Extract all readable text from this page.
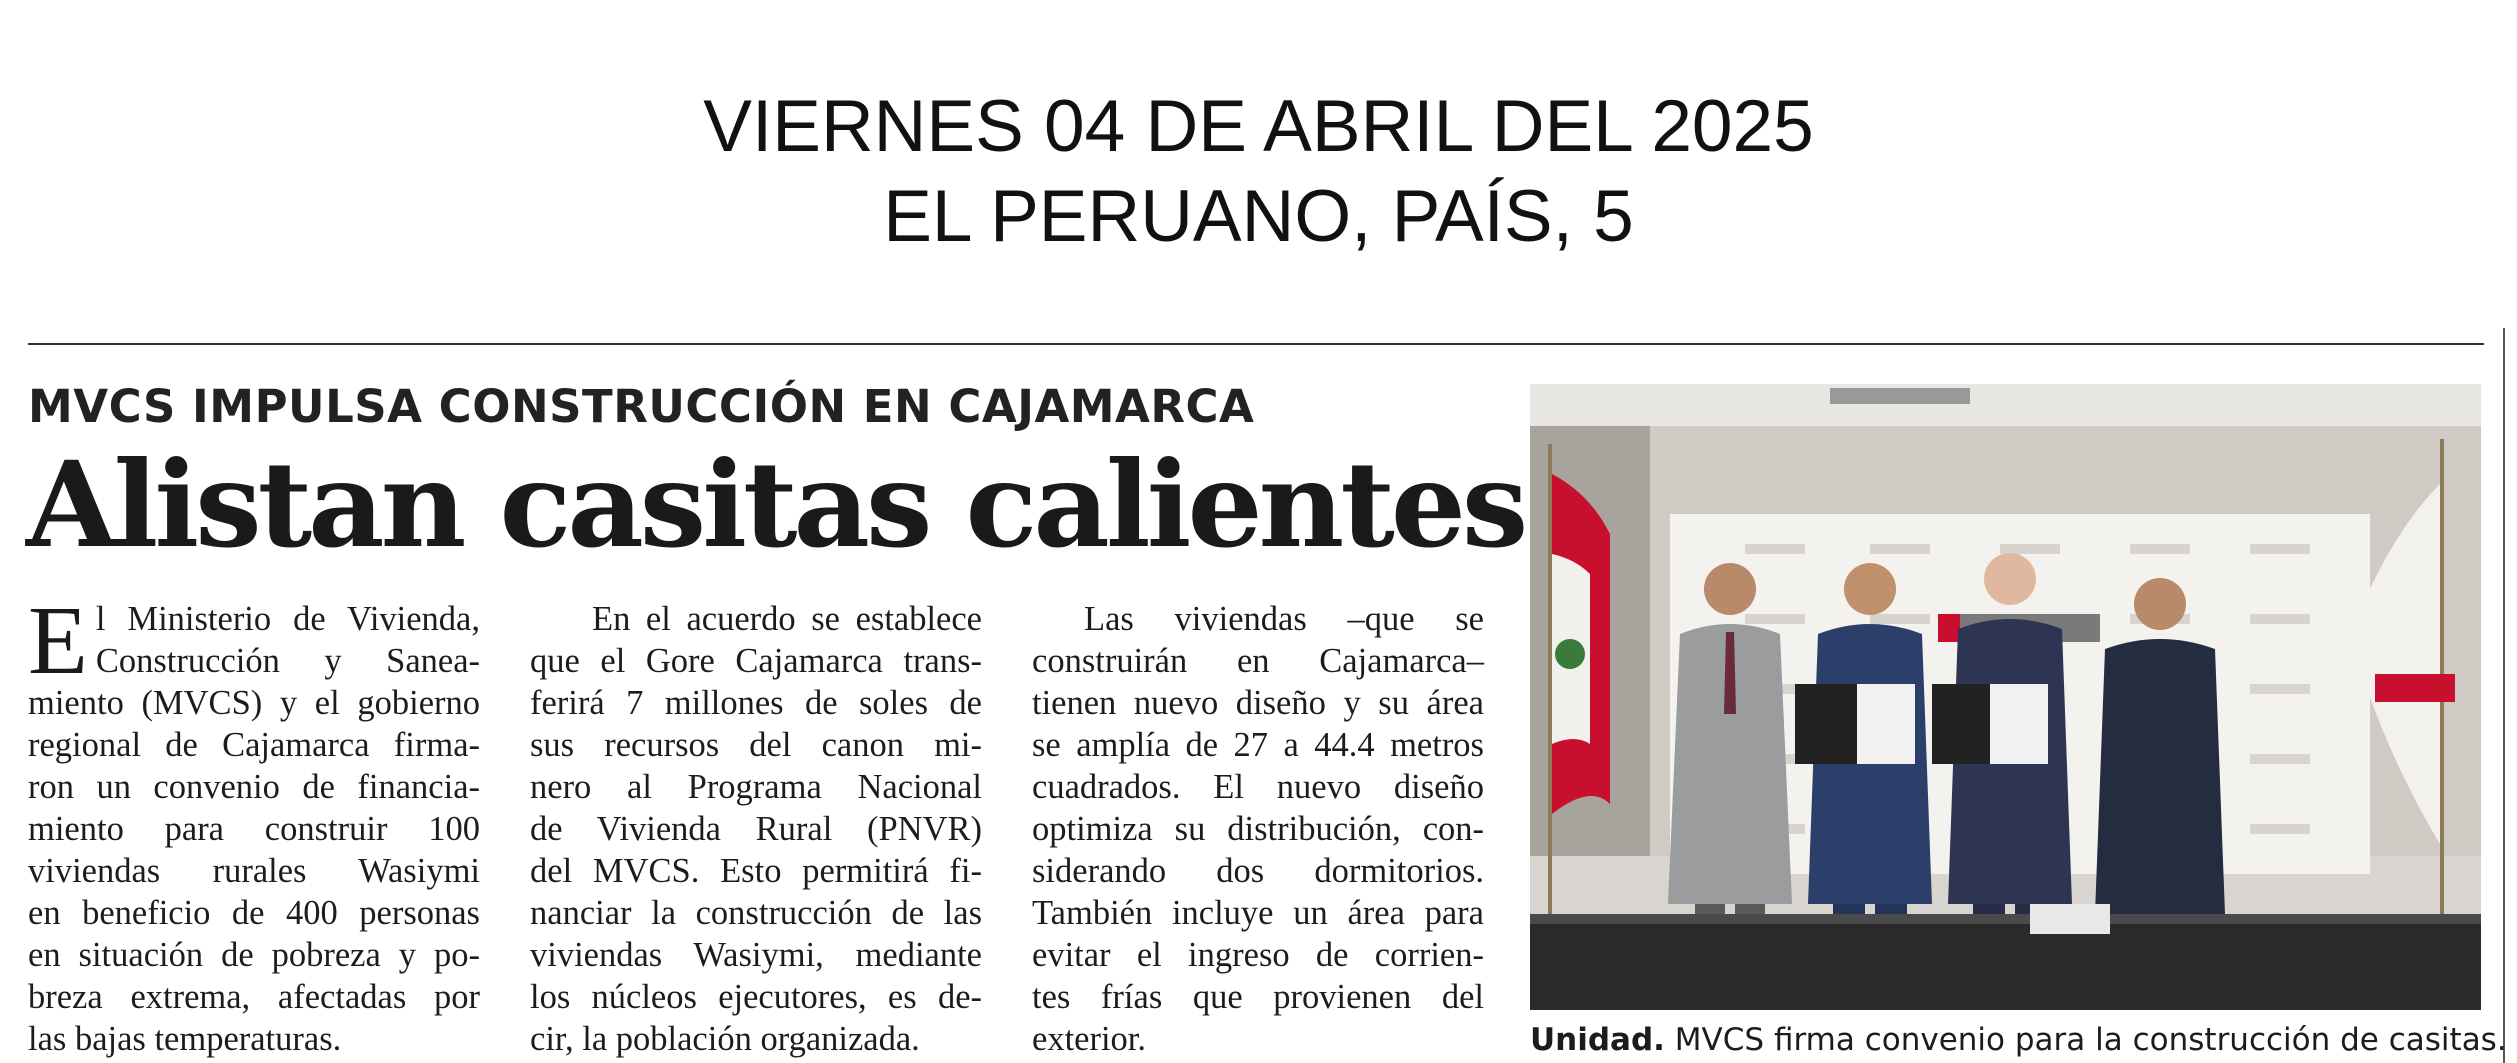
VIERNES 04 DE ABRIL DEL 2025
EL PERUANO, PAÍS, 5
MVCS IMPULSA CONSTRUCCIÓN EN CAJAMARCA
Alistan casitas calientes
E l Ministerio de Vivienda,
Construcción y Sanea-
miento (MVCS) y el gobierno
regional de Cajamarca firma-
ron un convenio de financia-
miento para construir 100
viviendas rurales Wasiymi
en beneficio de 400 personas
en situación de pobreza y po-
breza extrema, afectadas por
las bajas temperaturas.
En el acuerdo se establece
que el Gore Cajamarca trans-
ferirá 7 millones de soles de
sus recursos del canon mi-
nero al Programa Nacional
de Vivienda Rural (PNVR)
del MVCS. Esto permitirá fi-
nanciar la construcción de las
viviendas Wasiymi, mediante
los núcleos ejecutores, es de-
cir, la población organizada.
Las viviendas –que se
construirán en Cajamarca–
tienen nuevo diseño y su área
se amplía de 27 a 44.4 metros
cuadrados. El nuevo diseño
optimiza su distribución, con-
siderando dos dormitorios.
También incluye un área para
evitar el ingreso de corrien-
tes frías que provienen del
exterior.	Unidad. MVCS firma convenio para la construcción de casitas.
